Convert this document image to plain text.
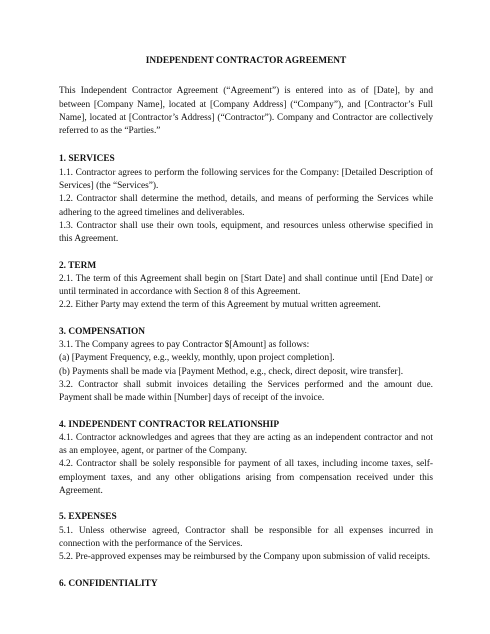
INDEPENDENT CONTRACTOR AGREEMENT

This Independent Contractor Agreement (“Agreement”) is entered into as of [Date], by and between [Company Name], located at [Company Address] (“Company”), and [Contractor’s Full Name], located at [Contractor’s Address] (“Contractor”). Company and Contractor are collectively referred to as the “Parties.”

1. SERVICES

1.1. Contractor agrees to perform the following services for the Company: [Detailed Description of Services] (the “Services”).

1.2. Contractor shall determine the method, details, and means of performing the Services while adhering to the agreed timelines and deliverables.

1.3. Contractor shall use their own tools, equipment, and resources unless otherwise specified in this Agreement.

2. TERM

2.1. The term of this Agreement shall begin on [Start Date] and shall continue until [End Date] or until terminated in accordance with Section 8 of this Agreement.

2.2. Either Party may extend the term of this Agreement by mutual written agreement.

3. COMPENSATION

3.1. The Company agrees to pay Contractor $[Amount] as follows:

(a) [Payment Frequency, e.g., weekly, monthly, upon project completion].

(b) Payments shall be made via [Payment Method, e.g., check, direct deposit, wire transfer].

3.2. Contractor shall submit invoices detailing the Services performed and the amount due. Payment shall be made within [Number] days of receipt of the invoice.

4. INDEPENDENT CONTRACTOR RELATIONSHIP

4.1. Contractor acknowledges and agrees that they are acting as an independent contractor and not as an employee, agent, or partner of the Company.

4.2. Contractor shall be solely responsible for payment of all taxes, including income taxes, self-employment taxes, and any other obligations arising from compensation received under this Agreement.

5. EXPENSES

5.1. Unless otherwise agreed, Contractor shall be responsible for all expenses incurred in connection with the performance of the Services.

5.2. Pre-approved expenses may be reimbursed by the Company upon submission of valid receipts.

6. CONFIDENTIALITY
